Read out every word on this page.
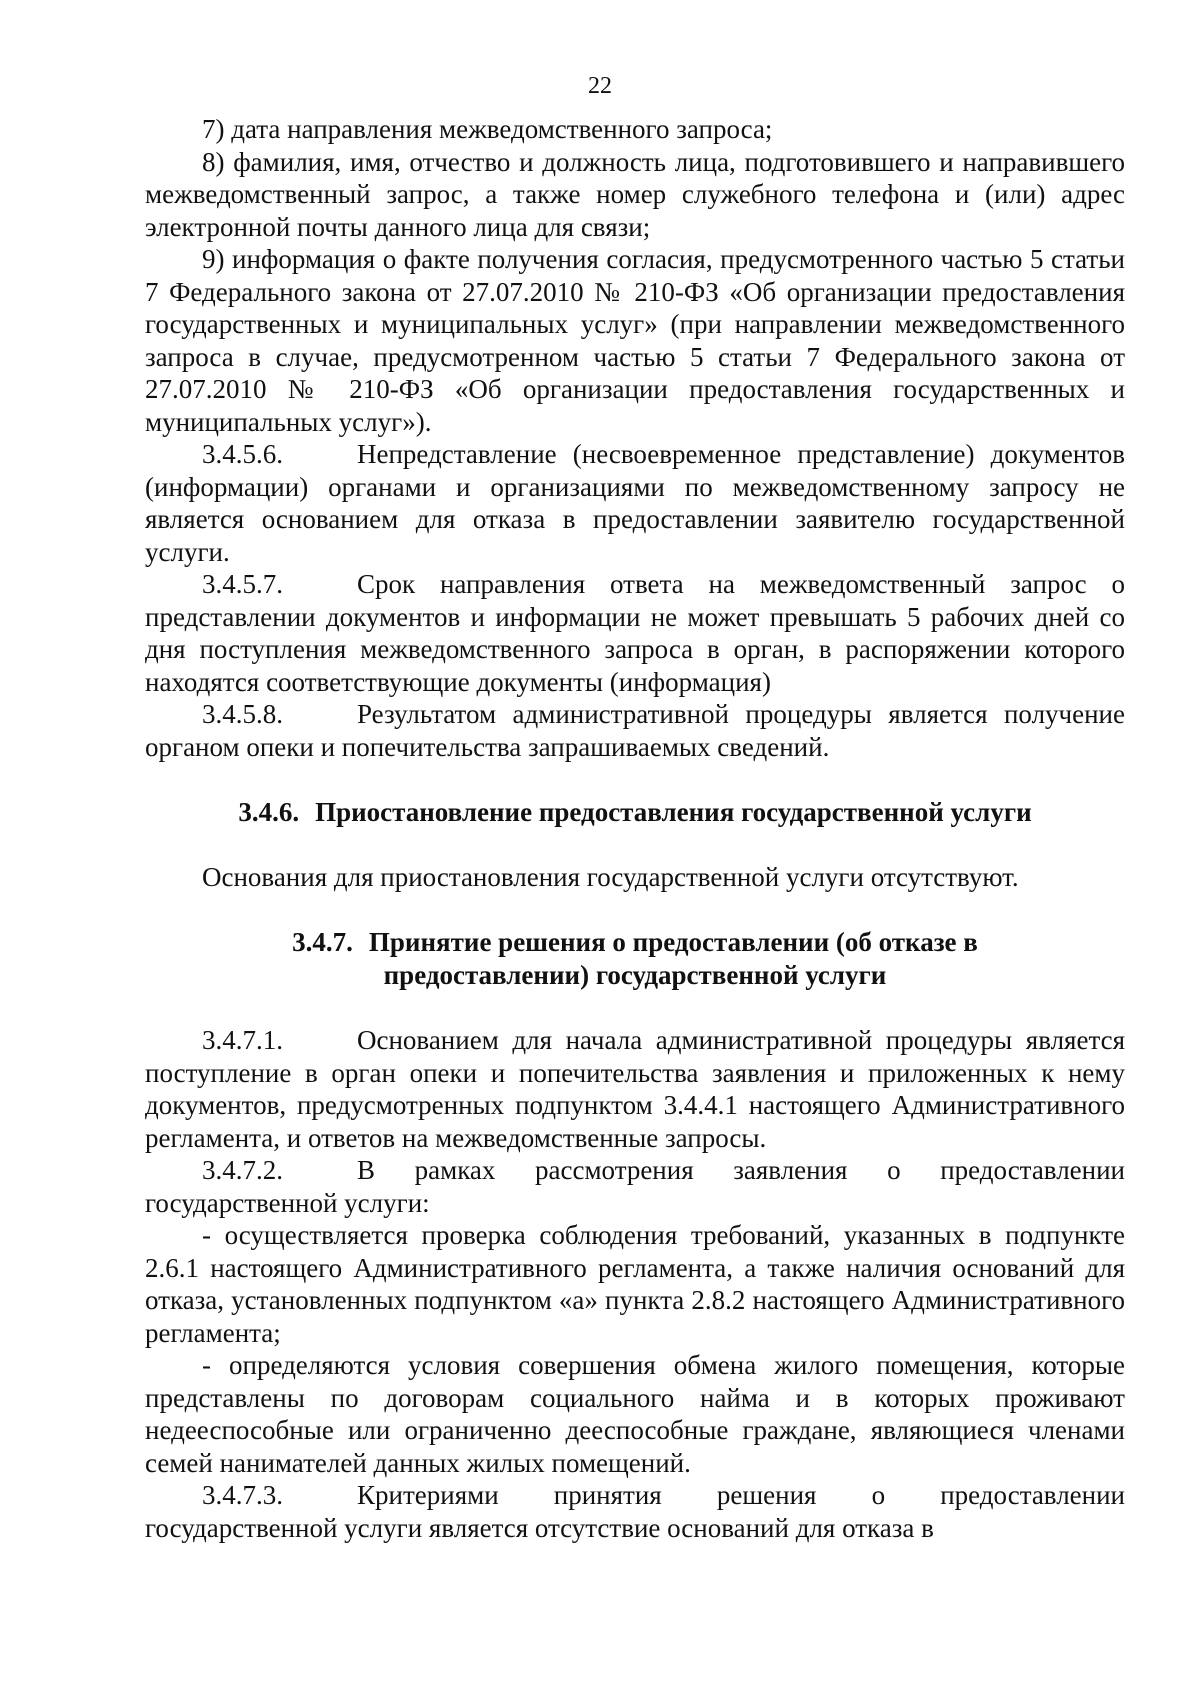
22

7) дата направления межведомственного запроса;

8) фамилия, имя, отчество и должность лица, подготовившего и направившего межведомственный запрос, а также номер служебного телефона и (или) адрес электронной почты данного лица для связи;

9) информация о факте получения согласия, предусмотренного частью 5 статьи 7 Федерального закона от 27.07.2010 № 210-ФЗ «Об организации предоставления государственных и муниципальных услуг» (при направлении межведомственного запроса в случае, предусмотренном частью 5 статьи 7 Федерального закона от 27.07.2010 № 210-ФЗ «Об организации предоставления государственных и муниципальных услуг»).

3.4.5.6.	Непредставление (несвоевременное представление) документов (информации) органами и организациями по межведомственному запросу не является основанием для отказа в предоставлении заявителю государственной услуги.

3.4.5.7.	Срок направления ответа на межведомственный запрос о представлении документов и информации не может превышать 5 рабочих дней со дня поступления межведомственного запроса в орган, в распоряжении которого находятся соответствующие документы (информация)

3.4.5.8.	Результатом административной процедуры является получение органом опеки и попечительства запрашиваемых сведений.

3.4.6. Приостановление предоставления государственной услуги

Основания для приостановления государственной услуги отсутствуют.

3.4.7. Принятие решения о предоставлении (об отказе в
предоставлении) государственной услуги

3.4.7.1.	Основанием для начала административной процедуры является поступление в орган опеки и попечительства заявления и приложенных к нему документов, предусмотренных подпунктом 3.4.4.1 настоящего Административного регламента, и ответов на межведомственные запросы.

3.4.7.2.	В рамках рассмотрения заявления о предоставлении государственной услуги:

- осуществляется проверка соблюдения требований, указанных в подпункте 2.6.1 настоящего Административного регламента, а также наличия оснований для отказа, установленных подпунктом «а» пункта 2.8.2 настоящего Административного регламента;

- определяются условия совершения обмена жилого помещения, которые представлены по договорам социального найма и в которых проживают недееспособные или ограниченно дееспособные граждане, являющиеся членами семей нанимателей данных жилых помещений.

3.4.7.3.	Критериями принятия решения о предоставлении государственной услуги является отсутствие оснований для отказа в
